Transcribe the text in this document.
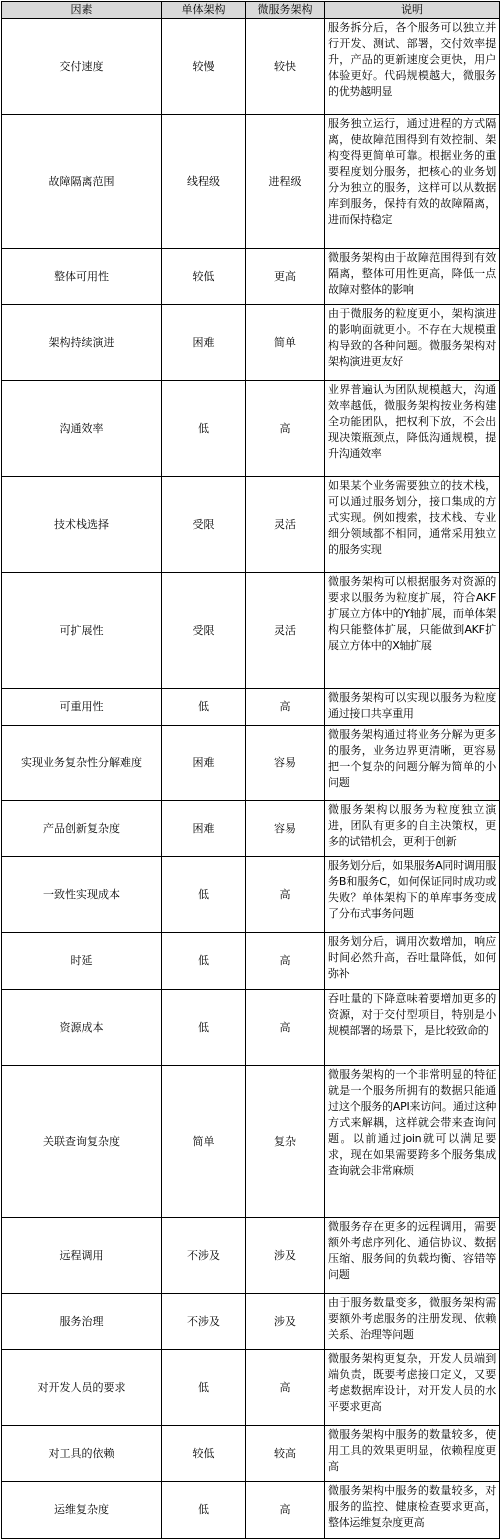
因素	单体架构	微服务架构	说明
交付速度	较慢	较快	服务拆分后，各个服务可以独立并行开发、测试、部署，交付效率提升，产品的更新速度会更快，用户体验更好。代码规模越大，微服务的优势越明显
故障隔离范围	线程级	进程级	服务独立运行，通过进程的方式隔离，使故障范围得到有效控制、架构变得更简单可靠。根据业务的重要程度划分服务，把核心的业务划分为独立的服务，这样可以从数据库到服务，保持有效的故障隔离，进而保持稳定
整体可用性	较低	更高	微服务架构由于故障范围得到有效隔离，整体可用性更高，降低一点故障对整体的影响
架构持续演进	困难	简单	由于微服务的粒度更小，架构演进的影响面就更小。不存在大规模重构导致的各种问题。微服务架构对架构演进更友好
沟通效率	低	高	业界普遍认为团队规模越大，沟通效率越低，微服务架构按业务构建全功能团队，把权利下放，不会出现决策瓶颈点，降低沟通规模，提升沟通效率
技术栈选择	受限	灵活	如果某个业务需要独立的技术栈，可以通过服务划分，接口集成的方式实现。例如搜索，技术栈、专业细分领域都不相同，通常采用独立的服务实现
可扩展性	受限	灵活	微服务架构可以根据服务对资源的要求以服务为粒度扩展，符合AKF扩展立方体中的Y轴扩展，而单体架构只能整体扩展，只能做到AKF扩展立方体中的X轴扩展
可重用性	低	高	微服务架构可以实现以服务为粒度通过接口共享重用
实现业务复杂性分解难度	困难	容易	微服务架构通过将业务分解为更多的服务，业务边界更清晰，更容易把一个复杂的问题分解为简单的小问题
产品创新复杂度	困难	容易	微服务架构以服务为粒度独立演进，团队有更多的自主决策权，更多的试错机会，更利于创新
一致性实现成本	低	高	服务划分后，如果服务A同时调用服务B和服务C，如何保证同时成功或失败？单体架构下的单库事务变成了分布式事务问题
时延	低	高	服务划分后，调用次数增加，响应时间必然升高，吞吐量降低，如何弥补
资源成本	低	高	吞吐量的下降意味着要增加更多的资源，对于交付型项目，特别是小规模部署的场景下，是比较致命的
关联查询复杂度	简单	复杂	微服务架构的一个非常明显的特征就是一个服务所拥有的数据只能通过这个服务的API来访问。通过这种方式来解耦，这样就会带来查询问题。以前通过join就可以满足要求，现在如果需要跨多个服务集成查询就会非常麻烦
远程调用	不涉及	涉及	微服务存在更多的远程调用，需要额外考虑序列化、通信协议、数据压缩、服务间的负载均衡、容错等问题
服务治理	不涉及	涉及	由于服务数量变多，微服务架构需要额外考虑服务的注册发现、依赖关系、治理等问题
对开发人员的要求	低	高	微服务架构更复杂，开发人员端到端负责，既要考虑接口定义，又要考虑数据库设计，对开发人员的水平要求更高
对工具的依赖	较低	较高	微服务架构中服务的数量较多，使用工具的效果更明显，依赖程度更高
运维复杂度	低	高	微服务架构中服务的数量较多，对服务的监控、健康检查要求更高，整体运维复杂度更高
